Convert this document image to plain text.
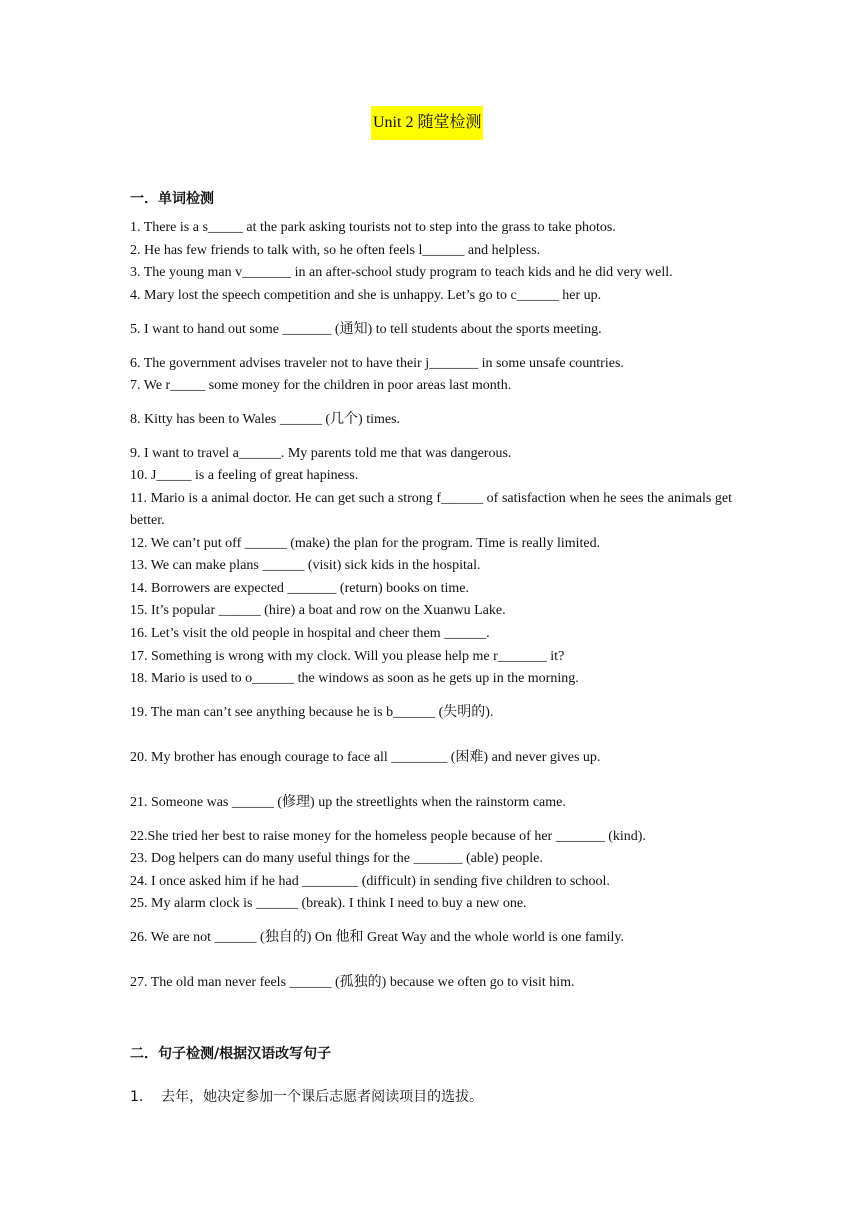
Unit 2 随堂检测
一．单词检测
1. There is a s_____ at the park asking tourists not to step into the grass to take photos.
2. He has few friends to talk with, so he often feels l______ and helpless.
3. The young man v_______ in an after-school study program to teach kids and he did very well.
4. Mary lost the speech competition and she is unhappy. Let’s go to c______ her up.
5. I want to hand out some _______ (通知) to tell students about the sports meeting.
6. The government advises traveler not to have their j_______ in some unsafe countries.
7. We r_____ some money for the children in poor areas last month.
8. Kitty has been to Wales ______ (几个) times.
9. I want to travel a______. My parents told me that was dangerous.
10. J_____ is a feeling of great hapiness.
11. Mario is a animal doctor. He can get such a strong f______ of satisfaction when he sees the animals get better.
12. We can’t put off ______ (make) the plan for the program. Time is really limited.
13. We can make plans ______ (visit) sick kids in the hospital.
14. Borrowers are expected _______ (return) books on time.
15. It’s popular ______ (hire) a boat and row on the Xuanwu Lake.
16. Let’s visit the old people in hospital and cheer them ______.
17. Something is wrong with my clock. Will you please help me r_______ it?
18. Mario is used to o______ the windows as soon as he gets up in the morning.
19. The man can’t see anything because he is b______ (失明的).
20. My brother has enough courage to face all ________ (困难) and never gives up.
21. Someone was ______ (修理) up the streetlights when the rainstorm came.
22.She tried her best to raise money for the homeless people because of her _______ (kind).
23. Dog helpers can do many useful things for the _______ (able) people.
24. I once asked him if he had ________ (difficult) in sending five children to school.
25. My alarm clock is ______ (break). I think I need to buy a new one.
26. We are not ______ (独自的) On 他和 Great Way and the whole world is one family.
27. The old man never feels ______ (孤独的) because we often go to visit him.
二．句子检测/根据汉语改写句子
1.    去年，她决定参加一个课后志愿者阅读项目的选拔。
